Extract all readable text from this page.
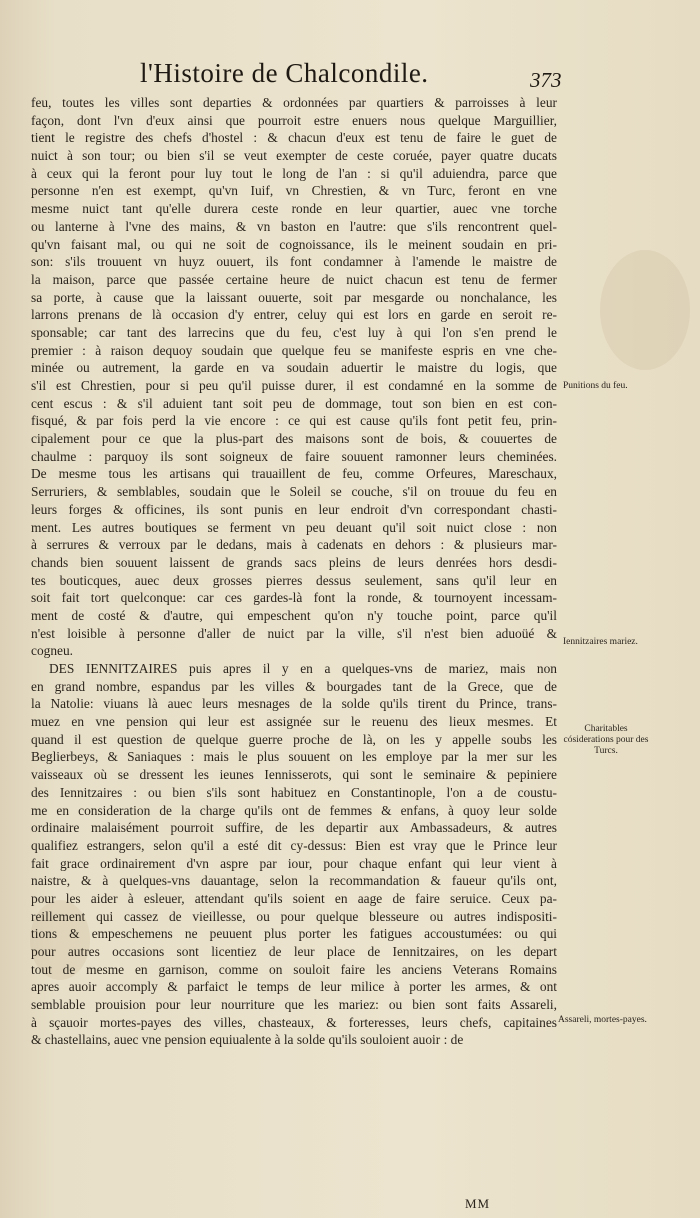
l'Histoire de Chalcondile.	373
feu, toutes les villes sont departies & ordonnées par quartiers & parroisses à leur
façon, dont l'vn d'eux ainsi que pourroit estre enuers nous quelque Marguillier,
tient le registre des chefs d'hostel : & chacun d'eux est tenu de faire le guet de
nuict à son tour; ou bien s'il se veut exempter de ceste coruée, payer quatre ducats
à ceux qui la feront pour luy tout le long de l'an : si qu'il aduiendra, parce que
personne n'en est exempt, qu'vn Iuif, vn Chrestien, & vn Turc, feront en vne
mesme nuict tant qu'elle durera ceste ronde en leur quartier, auec vne torche
ou lanterne à l'vne des mains, & vn baston en l'autre: que s'ils rencontrent quel-
qu'vn faisant mal, ou qui ne soit de cognoissance, ils le meinent soudain en pri-
son: s'ils trouuent vn huyz ouuert, ils font condamner à l'amende le maistre de
la maison, parce que passée certaine heure de nuict chacun est tenu de fermer
sa porte, à cause que la laissant ouuerte, soit par mesgarde ou nonchalance, les
larrons prenans de là occasion d'y entrer, celuy qui est lors en garde en seroit re-
sponsable; car tant des larrecins que du feu, c'est luy à qui l'on s'en prend le
premier : à raison dequoy soudain que quelque feu se manifeste espris en vne che-
minée ou autrement, la garde en va soudain aduertir le maistre du logis, que
s'il est Chrestien, pour si peu qu'il puisse durer, il est condamné en la somme de
cent escus : & s'il aduient tant soit peu de dommage, tout son bien en est con-
fisqué, & par fois perd la vie encore : ce qui est cause qu'ils font petit feu, prin-
cipalement pour ce que la plus-part des maisons sont de bois, & couuertes de
chaulme : parquoy ils sont soigneux de faire souuent ramonner leurs cheminées.
De mesme tous les artisans qui trauaillent de feu, comme Orfeures, Mareschaux,
Serruriers, & semblables, soudain que le Soleil se couche, s'il on trouue du feu en
leurs forges & officines, ils sont punis en leur endroit d'vn correspondant chasti-
ment. Les autres boutiques se ferment vn peu deuant qu'il soit nuict close : non
à serrures & verroux par le dedans, mais à cadenats en dehors : & plusieurs mar-
chands bien souuent laissent de grands sacs pleins de leurs denrées hors desdi-
tes bouticques, auec deux grosses pierres dessus seulement, sans qu'il leur en
soit fait tort quelconque: car ces gardes-là font la ronde, & tournoyent incessam-
ment de costé & d'autre, qui empeschent qu'on n'y touche point, parce qu'il
n'est loisible à personne d'aller de nuict par la ville, s'il n'est bien aduoüé &
cogneu.
DES IENNITZAIRES puis apres il y en a quelques-vns de mariez, mais non
en grand nombre, espandus par les villes & bourgades tant de la Grece, que de
la Natolie: viuans là auec leurs mesnages de la solde qu'ils tirent du Prince, trans-
muez en vne pension qui leur est assignée sur le reuenu des lieux mesmes. Et
quand il est question de quelque guerre proche de là, on les y appelle soubs les
Beglierbeys, & Saniaques : mais le plus souuent on les employe par la mer sur les
vaisseaux où se dressent les ieunes Iennisserots, qui sont le seminaire & pepiniere
des Iennitzaires : ou bien s'ils sont habituez en Constantinople, l'on a de coustu-
me en consideration de la charge qu'ils ont de femmes & enfans, à quoy leur solde
ordinaire malaisément pourroit suffire, de les departir aux Ambassadeurs, & autres
qualifiez estrangers, selon qu'il a esté dit cy-dessus: Bien est vray que le Prince leur
fait grace ordinairement d'vn aspre par iour, pour chaque enfant qui leur vient à
naistre, & à quelques-vns dauantage, selon la recommandation & faueur qu'ils ont,
pour les aider à esleuer, attendant qu'ils soient en aage de faire seruice. Ceux pa-
reillement qui cassez de vieillesse, ou pour quelque blesseure ou autres indispositi-
tions & empeschemens ne peuuent plus porter les fatigues accoustumées: ou qui
pour autres occasions sont licentiez de leur place de Iennitzaires, on les depart
tout de mesme en garnison, comme on souloit faire les anciens Veterans Romains
apres auoir accomply & parfaict le temps de leur milice à porter les armes, & ont
semblable prouision pour leur nourriture que les mariez: ou bien sont faits Assareli,
à sçauoir mortes-payes des villes, chasteaux, & forteresses, leurs chefs, capitaines
& chastellains, auec vne pension equiualente à la solde qu'ils souloient auoir : de
Punitions du feu.
Iennitzaires mariez.
Charitables cósiderations pour des Turcs.
Assareli, mortes-payes.
MM
